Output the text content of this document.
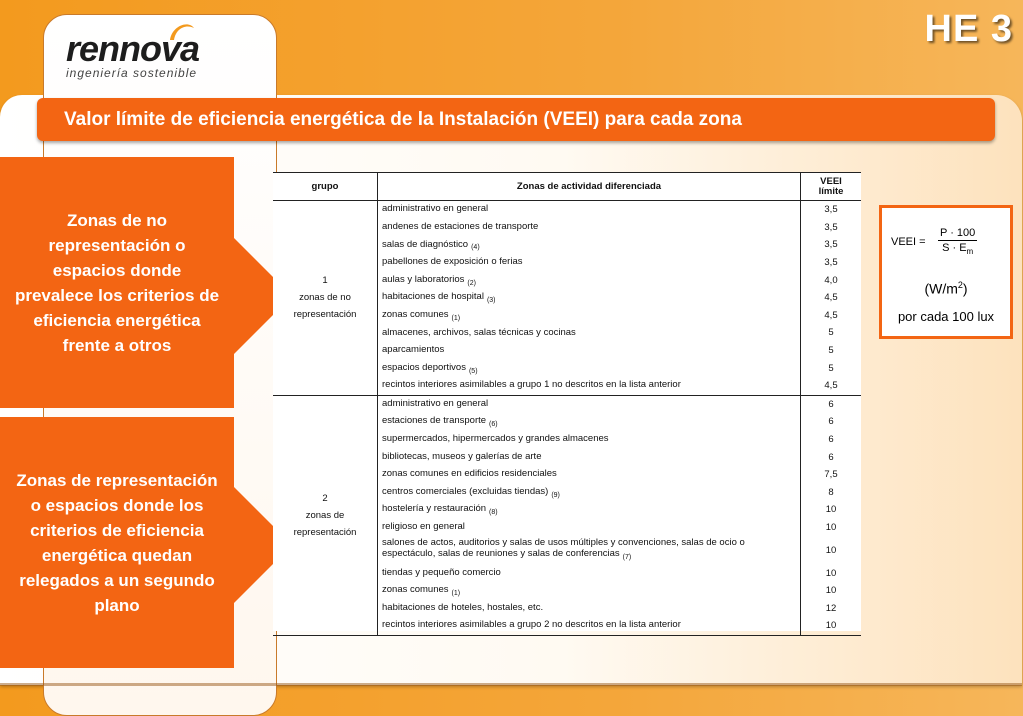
rennova
ingeniería sostenible
HE 3
Valor límite de eficiencia energética de la Instalación (VEEI) para cada zona
Zonas de no representación o espacios donde prevalece los criterios de eficiencia energética frente a otros
Zonas de representación o espacios donde los criterios de eficiencia energética quedan relegados a un segundo plano
grupo	Zonas de actividad diferenciada	VEEI
límite
1
zonas de no
representación	administrativo en general	3,5
	andenes de estaciones de transporte	3,5
	salas de diagnóstico $_{(4)}$	3,5
	pabellones de exposición o ferias	3,5
	aulas y laboratorios $_{(2)}$	4,0
	habitaciones de hospital $_{(3)}$	4,5
	zonas comunes $_{(1)}$	4,5
	almacenes, archivos, salas técnicas y cocinas	5
	aparcamientos	5
	espacios deportivos $_{(5)}$	5
	recintos interiores asimilables a grupo 1 no descritos en la lista anterior	4,5
2
zonas de
representación	administrativo en general	6
	estaciones de transporte $_{(6)}$	6
	supermercados, hipermercados y grandes almacenes	6
	bibliotecas, museos y galerías de arte	6
	zonas comunes en edificios residenciales	7,5
	centros comerciales (excluidas tiendas) $_{(9)}$	8
	hostelería y restauración $_{(8)}$	10
	religioso en general	10
	salones de actos, auditorios y salas de usos múltiples y convenciones, salas de ocio o espectáculo, salas de reuniones y salas de conferencias $_{(7)}$	10
	tiendas y pequeño comercio	10
	zonas comunes $_{(1)}$	10
	habitaciones de hoteles, hostales, etc.	12
	recintos interiores asimilables a grupo 2 no descritos en la lista anterior	10
VEEI = $\frac{P \cdot 100}{S \cdot E_m}$
$(W/m^2)$
por cada 100 lux
